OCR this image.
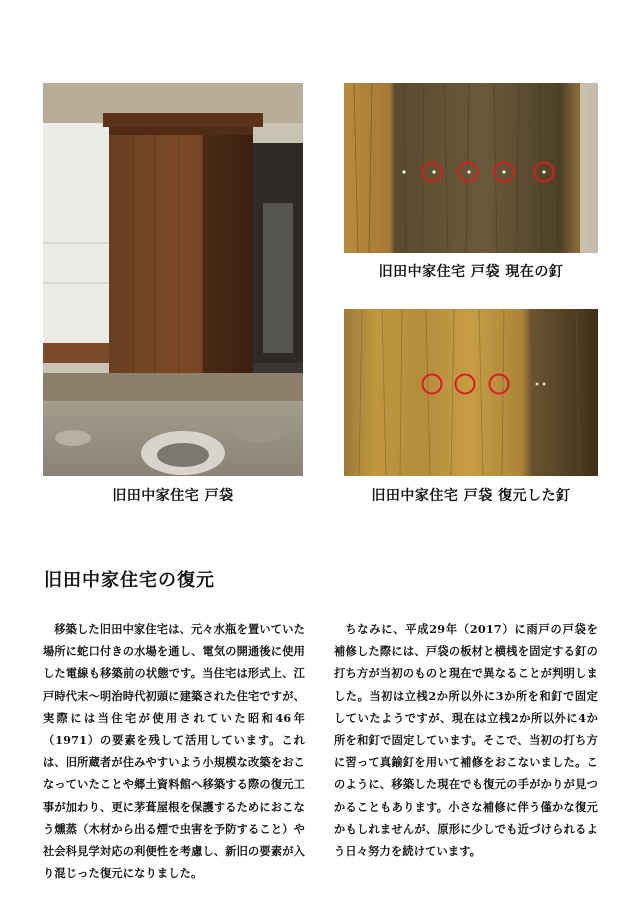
旧田中家住宅 戸袋
旧田中家住宅 戸袋 現在の釘
旧田中家住宅 戸袋 復元した釘
旧田中家住宅の復元

移築した旧田中家住宅は、元々水瓶を置いていた場所に蛇口付きの水場を通し、電気の開通後に使用した電線も移築前の状態です。当住宅は形式上、江戸時代末〜明治時代初頭に建築された住宅ですが、実際には当住宅が使用されていた昭和46年（1971）の要素を残して活用しています。これは、旧所蔵者が住みやすいよう小規模な改築をおこなっていたことや郷土資料館へ移築する際の復元工事が加わり、更に茅葺屋根を保護するためにおこなう燻蒸（木材から出る煙で虫害を予防すること）や社会科見学対応の利便性を考慮し、新旧の要素が入り混じった復元になりました。

ちなみに、平成29年（2017）に雨戸の戸袋を補修した際には、戸袋の板材と横桟を固定する釘の打ち方が当初のものと現在で異なることが判明しました。当初は立桟2か所以外に3か所を和釘で固定していたようですが、現在は立桟2か所以外に4か所を和釘で固定しています。そこで、当初の打ち方に習って真鍮釘を用いて補修をおこないました。このように、移築した現在でも復元の手がかりが見つかることもあります。小さな補修に伴う僅かな復元かもしれませんが、原形に少しでも近づけられるよう日々努力を続けています。
